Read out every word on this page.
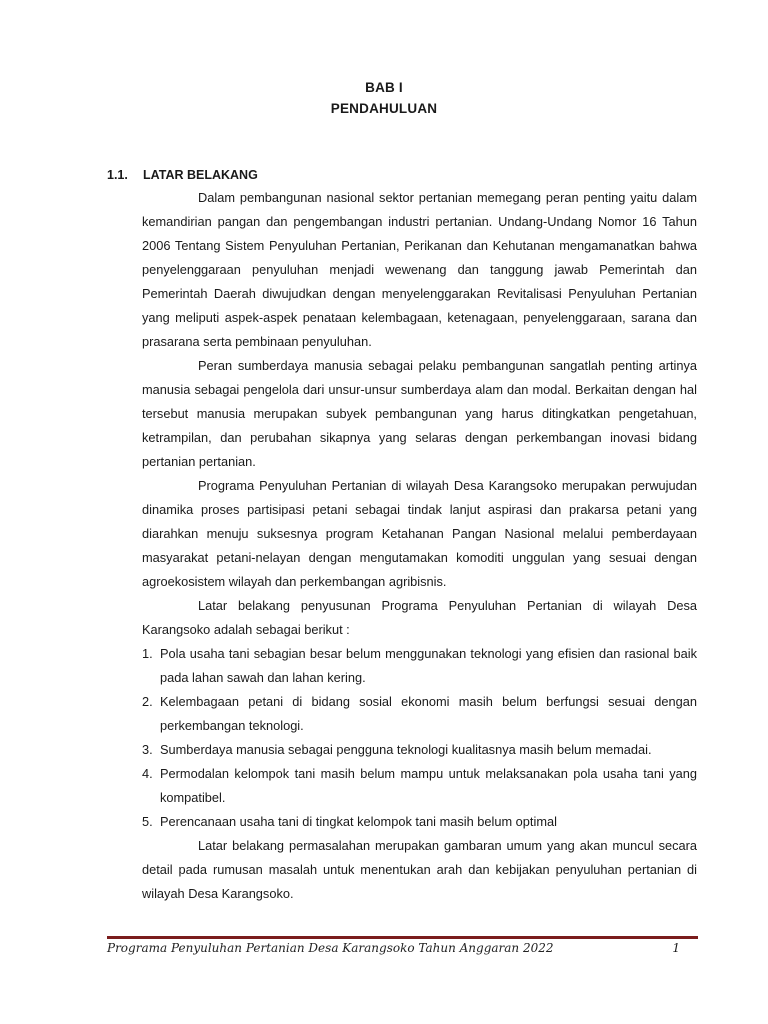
BAB I
PENDAHULUAN
1.1. LATAR BELAKANG

Dalam pembangunan nasional sektor pertanian memegang peran penting yaitu dalam kemandirian pangan dan pengembangan industri pertanian. Undang-Undang Nomor 16 Tahun 2006 Tentang Sistem Penyuluhan Pertanian, Perikanan dan Kehutanan mengamanatkan bahwa penyelenggaraan penyuluhan menjadi wewenang dan tanggung jawab Pemerintah dan Pemerintah Daerah diwujudkan dengan menyelenggarakan Revitalisasi Penyuluhan Pertanian yang meliputi aspek-aspek penataan kelembagaan, ketenagaan, penyelenggaraan, sarana dan prasarana serta pembinaan penyuluhan.

Peran sumberdaya manusia sebagai pelaku pembangunan sangatlah penting artinya manusia sebagai pengelola dari unsur-unsur sumberdaya alam dan modal. Berkaitan dengan hal tersebut manusia merupakan subyek pembangunan yang harus ditingkatkan pengetahuan, ketrampilan, dan perubahan sikapnya yang selaras dengan perkembangan inovasi bidang pertanian pertanian.

Programa Penyuluhan Pertanian di wilayah Desa Karangsoko merupakan perwujudan dinamika proses partisipasi petani sebagai tindak lanjut aspirasi dan prakarsa petani yang diarahkan menuju suksesnya program Ketahanan Pangan Nasional melalui pemberdayaan masyarakat petani-nelayan dengan mengutamakan komoditi unggulan yang sesuai dengan agroekosistem wilayah dan perkembangan agribisnis.

Latar belakang penyusunan Programa Penyuluhan Pertanian di wilayah Desa Karangsoko adalah sebagai berikut :

1. Pola usaha tani sebagian besar belum menggunakan teknologi yang efisien dan rasional baik pada lahan sawah dan lahan kering.
2. Kelembagaan petani di bidang sosial ekonomi masih belum berfungsi sesuai dengan perkembangan teknologi.
3. Sumberdaya manusia sebagai pengguna teknologi kualitasnya masih belum memadai.
4. Permodalan kelompok tani masih belum mampu untuk melaksanakan pola usaha tani yang kompatibel.
5. Perencanaan usaha tani di tingkat kelompok tani masih belum optimal

Latar belakang permasalahan merupakan gambaran umum yang akan muncul secara detail pada rumusan masalah untuk menentukan arah dan kebijakan penyuluhan pertanian di wilayah Desa Karangsoko.

Programa Penyuluhan Pertanian Desa Karangsoko Tahun Anggaran 2022	1
